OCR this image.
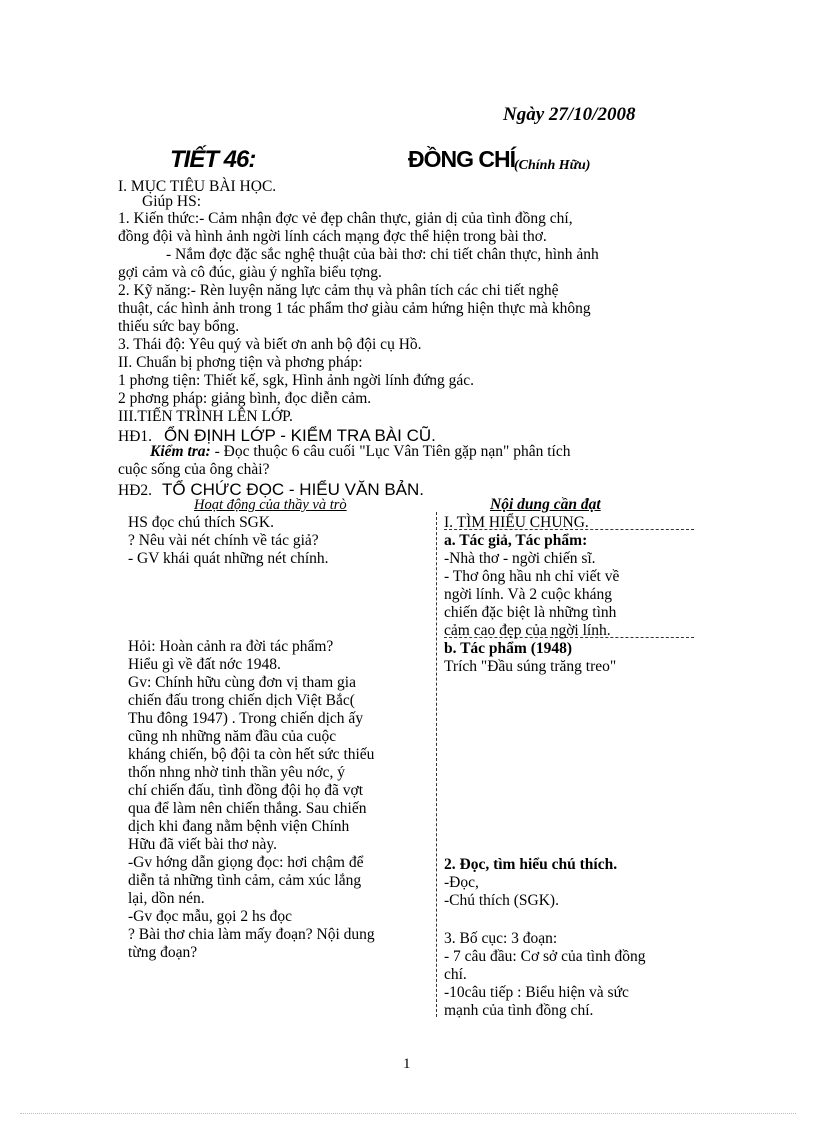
Ngày 27/10/2008
TIẾT 46:	ĐỒNG CHÍ (Chính Hữu)
I. MỤC TIÊU BÀI HỌC.
Giúp HS:
1. Kiến thức:- Cảm nhận đợc vẻ đẹp chân thực, giản dị của tình đồng chí,
đồng đội và hình ảnh ngời lính cách mạng đợc thể hiện trong bài thơ.
- Nắm đợc đặc sắc nghệ thuật của bài thơ: chi tiết chân thực, hình ảnh
gợi cảm và cô đúc, giàu ý nghĩa biểu tợng.
2. Kỹ năng:- Rèn luyện năng lực cảm thụ và phân tích các chi tiết nghệ
thuật, các hình ảnh trong 1 tác phẩm thơ giàu cảm hứng hiện thực mà không
thiếu sức bay bổng.
3. Thái độ: Yêu quý và biết ơn anh bộ đội cụ Hồ.
II. Chuẩn bị phơng tiện và phơng pháp:
1 phơng tiện: Thiết kế, sgk, Hình ảnh ngời lính đứng gác.
2 phơng pháp: giảng bình, đọc diễn cảm.
III.TIẾN TRÌNH LÊN LỚP.
HĐ1. ỔN ĐỊNH LỚP - KIỂM TRA BÀI CŨ.
Kiểm tra: - Đọc thuộc 6 câu cuối "Lục Vân Tiên gặp nạn" phân tích
cuộc sống của ông chài?
HĐ2. TỔ CHỨC ĐỌC - HIỂU VĂN BẢN.
Hoạt động của thầy và trò	Nội dung cần đạt
HS đọc chú thích SGK.
? Nêu vài nét chính về tác giả?
- GV khái quát những nét chính.
Hỏi: Hoàn cảnh ra đời tác phẩm?
Hiểu gì về đất nớc 1948.
Gv: Chính hữu cùng đơn vị tham gia
chiến đấu trong chiến dịch Việt Bắc(
Thu đông 1947) . Trong chiến dịch ấy
cũng nh những năm đầu của cuộc
kháng chiến, bộ đội ta còn hết sức thiếu
thốn nhng nhờ tinh thần yêu nớc, ý
chí chiến đấu, tình đồng đội họ đã vợt
qua để làm nên chiến thắng. Sau chiến
dịch khi đang nằm bệnh viện Chính
Hữu đã viết bài thơ này.
-Gv hớng dẫn giọng đọc: hơi chậm để
diễn tả những tình cảm, cảm xúc lắng
lại, dồn nén.
-Gv đọc mẫu, gọi 2 hs đọc
? Bài thơ chia làm mấy đoạn? Nội dung
từng đoạn?
I. TÌM HIỂU CHUNG.
a. Tác giả, Tác phẩm:
-Nhà thơ - ngời chiến sĩ.
- Thơ ông hầu nh chỉ viết về
ngời lính. Và 2 cuộc kháng
chiến đặc biệt là những tình
cảm cao đẹp của ngời lính.
b. Tác phẩm (1948)
Trích "Đầu súng trăng treo"
2. Đọc, tìm hiểu chú thích.
-Đọc,
-Chú thích (SGK).
3. Bố cục: 3 đoạn:
- 7 câu đầu: Cơ sở của tình đồng
chí.
-10câu tiếp : Biểu hiện và sức
mạnh của tình đồng chí.
1
